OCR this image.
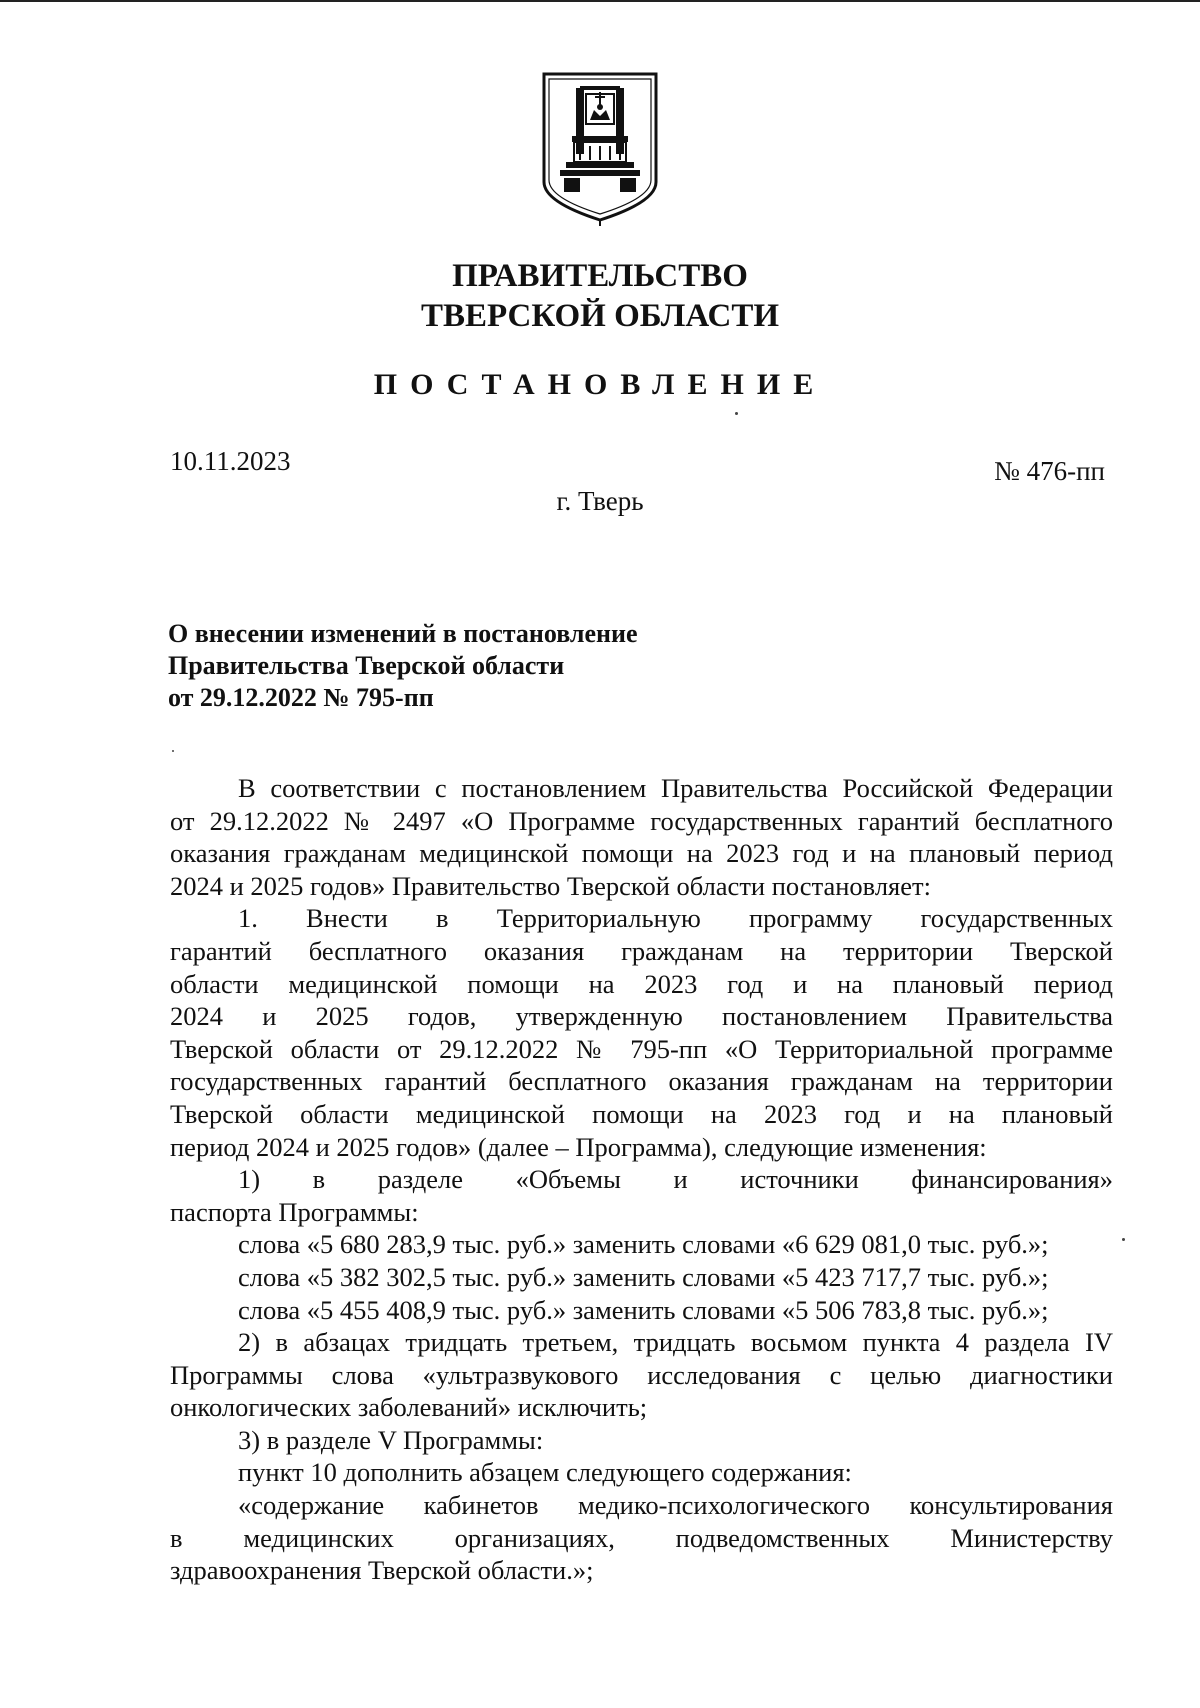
ПРАВИТЕЛЬСТВО
ТВЕРСКОЙ ОБЛАСТИ
ПОСТАНОВЛЕНИЕ
10.11.2023	№ 476-пп
г. Тверь
О внесении изменений в постановление
Правительства Тверской области
от 29.12.2022 № 795-пп
В соответствии с постановлением Правительства Российской Федерации
от 29.12.2022 № 2497 «О Программе государственных гарантий бесплатного
оказания гражданам медицинской помощи на 2023 год и на плановый период
2024 и 2025 годов» Правительство Тверской области постановляет:
1. Внести в Территориальную программу государственных
гарантий бесплатного оказания гражданам на территории Тверской
области медицинской помощи на 2023 год и на плановый период
2024 и 2025 годов, утвержденную постановлением Правительства
Тверской области от 29.12.2022 № 795-пп «О Территориальной программе
государственных гарантий бесплатного оказания гражданам на территории
Тверской области медицинской помощи на 2023 год и на плановый
период 2024 и 2025 годов» (далее – Программа), следующие изменения:
1) в разделе «Объемы и источники финансирования»
паспорта Программы:
слова «5 680 283,9 тыс. руб.» заменить словами «6 629 081,0 тыс. руб.»;
слова «5 382 302,5 тыс. руб.» заменить словами «5 423 717,7 тыс. руб.»;
слова «5 455 408,9 тыс. руб.» заменить словами «5 506 783,8 тыс. руб.»;
2) в абзацах тридцать третьем, тридцать восьмом пункта 4 раздела IV
Программы слова «ультразвукового исследования с целью диагностики
онкологических заболеваний» исключить;
3) в разделе V Программы:
пункт 10 дополнить абзацем следующего содержания:
«содержание кабинетов медико-психологического консультирования
в медицинских организациях, подведомственных Министерству
здравоохранения Тверской области.»;
